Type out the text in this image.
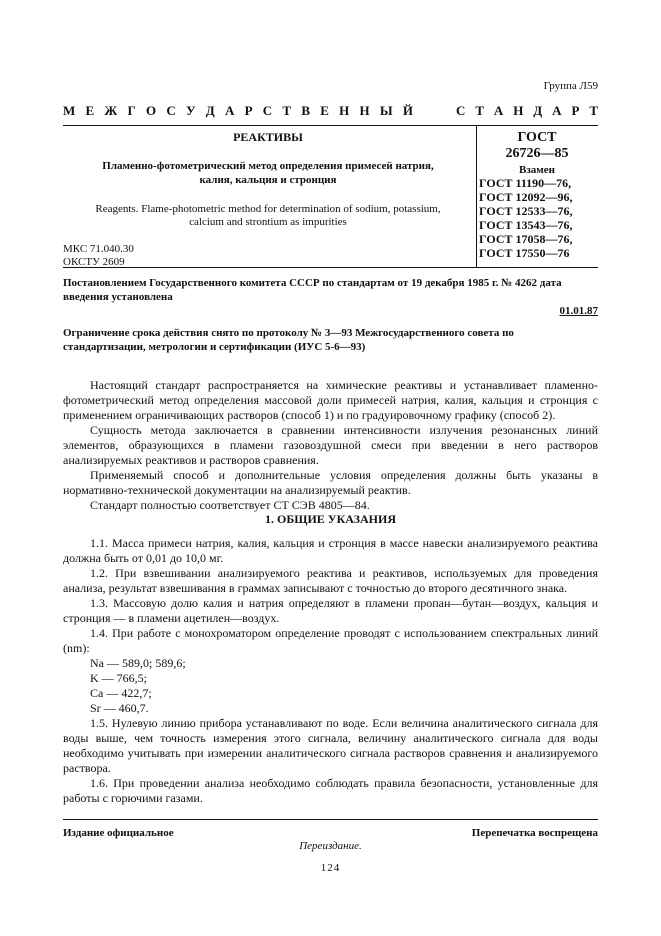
Группа Л59
М Е Ж Г О С У Д А Р С Т В Е Н Н Ы Й	С Т А Н Д А Р Т
РЕАКТИВЫ
Пламенно-фотометрический метод определения примесей натрия,
калия, кальция и стронция
Reagents. Flame-photometric method for determination of sodium, potassium,
calcium and strontium as impurities
МКС 71.040.30
ОКСТУ 2609
ГОСТ
26726—85
Взамен
ГОСТ 11190—76,
ГОСТ 12092—96,
ГОСТ 12533—76,
ГОСТ 13543—76,
ГОСТ 17058—76,
ГОСТ 17550—76
Постановлением Государственного комитета СССР по стандартам от 19 декабря 1985 г. № 4262 дата введения установлена
01.01.87
Ограничение срока действия снято по протоколу № 3—93 Межгосударственного совета по стандартизации, метрологии и сертификации (ИУС 5-6—93)

Настоящий стандарт распространяется на химические реактивы и устанавливает пламенно-фотометрический метод определения массовой доли примесей натрия, калия, кальция и стронция с применением ограничивающих растворов (способ 1) и по градуировочному графику (способ 2).

Сущность метода заключается в сравнении интенсивности излучения резонансных линий элементов, образующихся в пламени газовоздушной смеси при введении в него растворов анализируемых реактивов и растворов сравнения.

Применяемый способ и дополнительные условия определения должны быть указаны в нормативно-технической документации на анализируемый реактив.

Стандарт полностью соответствует СТ СЭВ 4805—84.

1. ОБЩИЕ УКАЗАНИЯ

1.1. Масса примеси натрия, калия, кальция и стронция в массе навески анализируемого реактива должна быть от 0,01 до 10,0 мг.

1.2. При взвешивании анализируемого реактива и реактивов, используемых для проведения анализа, результат взвешивания в граммах записывают с точностью до второго десятичного знака.

1.3. Массовую долю калия и натрия определяют в пламени пропан—бутан—воздух, кальция и стронция — в пламени ацетилен—воздух.

1.4. При работе с монохроматором определение проводят с использованием спектральных линий (nm):

Na — 589,0; 589,6;

K — 766,5;

Ca — 422,7;

Sr — 460,7.

1.5. Нулевую линию прибора устанавливают по воде. Если величина аналитического сигнала для воды выше, чем точность измерения этого сигнала, величину аналитического сигнала для воды необходимо учитывать при измерении аналитического сигнала растворов сравнения и анализируемого раствора.

1.6. При проведении анализа необходимо соблюдать правила безопасности, установленные для работы с горючими газами.

Издание официальное	Перепечатка воспрещена
Переиздание.
124
